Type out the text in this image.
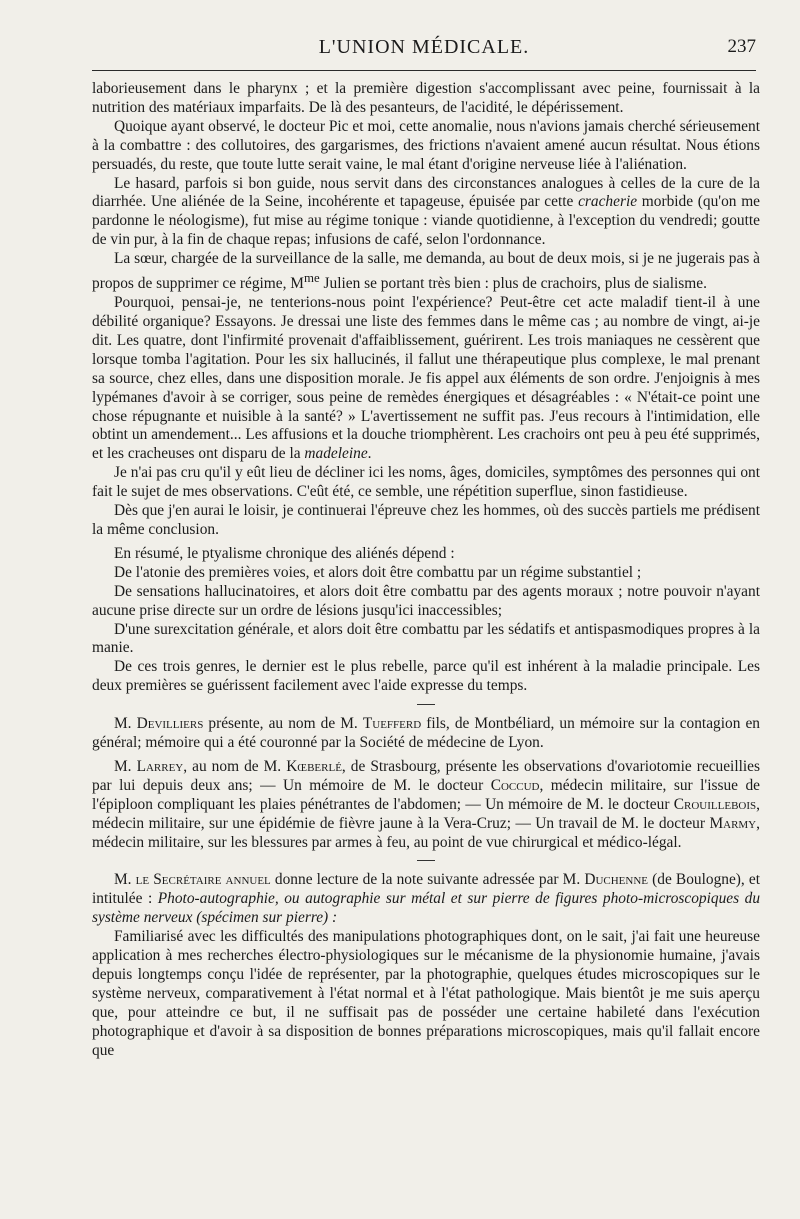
L'UNION MÉDICALE.	237

laborieusement dans le pharynx ; et la première digestion s'accomplissant avec peine, fournissait à la nutrition des matériaux imparfaits. De là des pesanteurs, de l'acidité, le dépérissement.

Quoique ayant observé, le docteur Pic et moi, cette anomalie, nous n'avions jamais cherché sérieusement à la combattre : des collutoires, des gargarismes, des frictions n'avaient amené aucun résultat. Nous étions persuadés, du reste, que toute lutte serait vaine, le mal étant d'origine nerveuse liée à l'aliénation.

Le hasard, parfois si bon guide, nous servit dans des circonstances analogues à celles de la cure de la diarrhée. Une aliénée de la Seine, incohérente et tapageuse, épuisée par cette cracherie morbide (qu'on me pardonne le néologisme), fut mise au régime tonique : viande quotidienne, à l'exception du vendredi; goutte de vin pur, à la fin de chaque repas; infusions de café, selon l'ordonnance.

La sœur, chargée de la surveillance de la salle, me demanda, au bout de deux mois, si je ne jugerais pas à propos de supprimer ce régime, $M^{me}$ Julien se portant très bien : plus de crachoirs, plus de sialisme.

Pourquoi, pensai-je, ne tenterions-nous point l'expérience? Peut-être cet acte maladif tient-il à une débilité organique? Essayons. Je dressai une liste des femmes dans le même cas ; au nombre de vingt, ai-je dit. Les quatre, dont l'infirmité provenait d'affaiblissement, guérirent. Les trois maniaques ne cessèrent que lorsque tomba l'agitation. Pour les six hallucinés, il fallut une thérapeutique plus complexe, le mal prenant sa source, chez elles, dans une disposition morale. Je fis appel aux éléments de son ordre. J'enjoignis à mes lypémanes d'avoir à se corriger, sous peine de remèdes énergiques et désagréables : « N'était-ce point une chose répugnante et nuisible à la santé? » L'avertissement ne suffit pas. J'eus recours à l'intimidation, elle obtint un amendement... Les affusions et la douche triomphèrent. Les crachoirs ont peu à peu été supprimés, et les cracheuses ont disparu de la madeleine.

Je n'ai pas cru qu'il y eût lieu de décliner ici les noms, âges, domiciles, symptômes des personnes qui ont fait le sujet de mes observations. C'eût été, ce semble, une répétition superflue, sinon fastidieuse.

Dès que j'en aurai le loisir, je continuerai l'épreuve chez les hommes, où des succès partiels me prédisent la même conclusion.

En résumé, le ptyalisme chronique des aliénés dépend :

De l'atonie des premières voies, et alors doit être combattu par un régime substantiel ;

De sensations hallucinatoires, et alors doit être combattu par des agents moraux ; notre pouvoir n'ayant aucune prise directe sur un ordre de lésions jusqu'ici inaccessibles;

D'une surexcitation générale, et alors doit être combattu par les sédatifs et antispasmodiques propres à la manie.

De ces trois genres, le dernier est le plus rebelle, parce qu'il est inhérent à la maladie principale. Les deux premières se guérissent facilement avec l'aide expresse du temps.

M. Devilliers présente, au nom de M. Tuefferd fils, de Montbéliard, un mémoire sur la contagion en général; mémoire qui a été couronné par la Société de médecine de Lyon.

M. Larrey, au nom de M. Kœberlé, de Strasbourg, présente les observations d'ovariotomie recueillies par lui depuis deux ans; — Un mémoire de M. le docteur Coccud, médecin militaire, sur l'issue de l'épiploon compliquant les plaies pénétrantes de l'abdomen; — Un mémoire de M. le docteur Crouillebois, médecin militaire, sur une épidémie de fièvre jaune à la Vera-Cruz; — Un travail de M. le docteur Marmy, médecin militaire, sur les blessures par armes à feu, au point de vue chirurgical et médico-légal.

M. le Secrétaire annuel donne lecture de la note suivante adressée par M. Duchenne (de Boulogne), et intitulée : Photo-autographie, ou autographie sur métal et sur pierre de figures photo-microscopiques du système nerveux (spécimen sur pierre) :

Familiarisé avec les difficultés des manipulations photographiques dont, on le sait, j'ai fait une heureuse application à mes recherches électro-physiologiques sur le mécanisme de la physionomie humaine, j'avais depuis longtemps conçu l'idée de représenter, par la photographie, quelques études microscopiques sur le système nerveux, comparativement à l'état normal et à l'état pathologique. Mais bientôt je me suis aperçu que, pour atteindre ce but, il ne suffisait pas de posséder une certaine habileté dans l'exécution photographique et d'avoir à sa disposition de bonnes préparations microscopiques, mais qu'il fallait encore que
